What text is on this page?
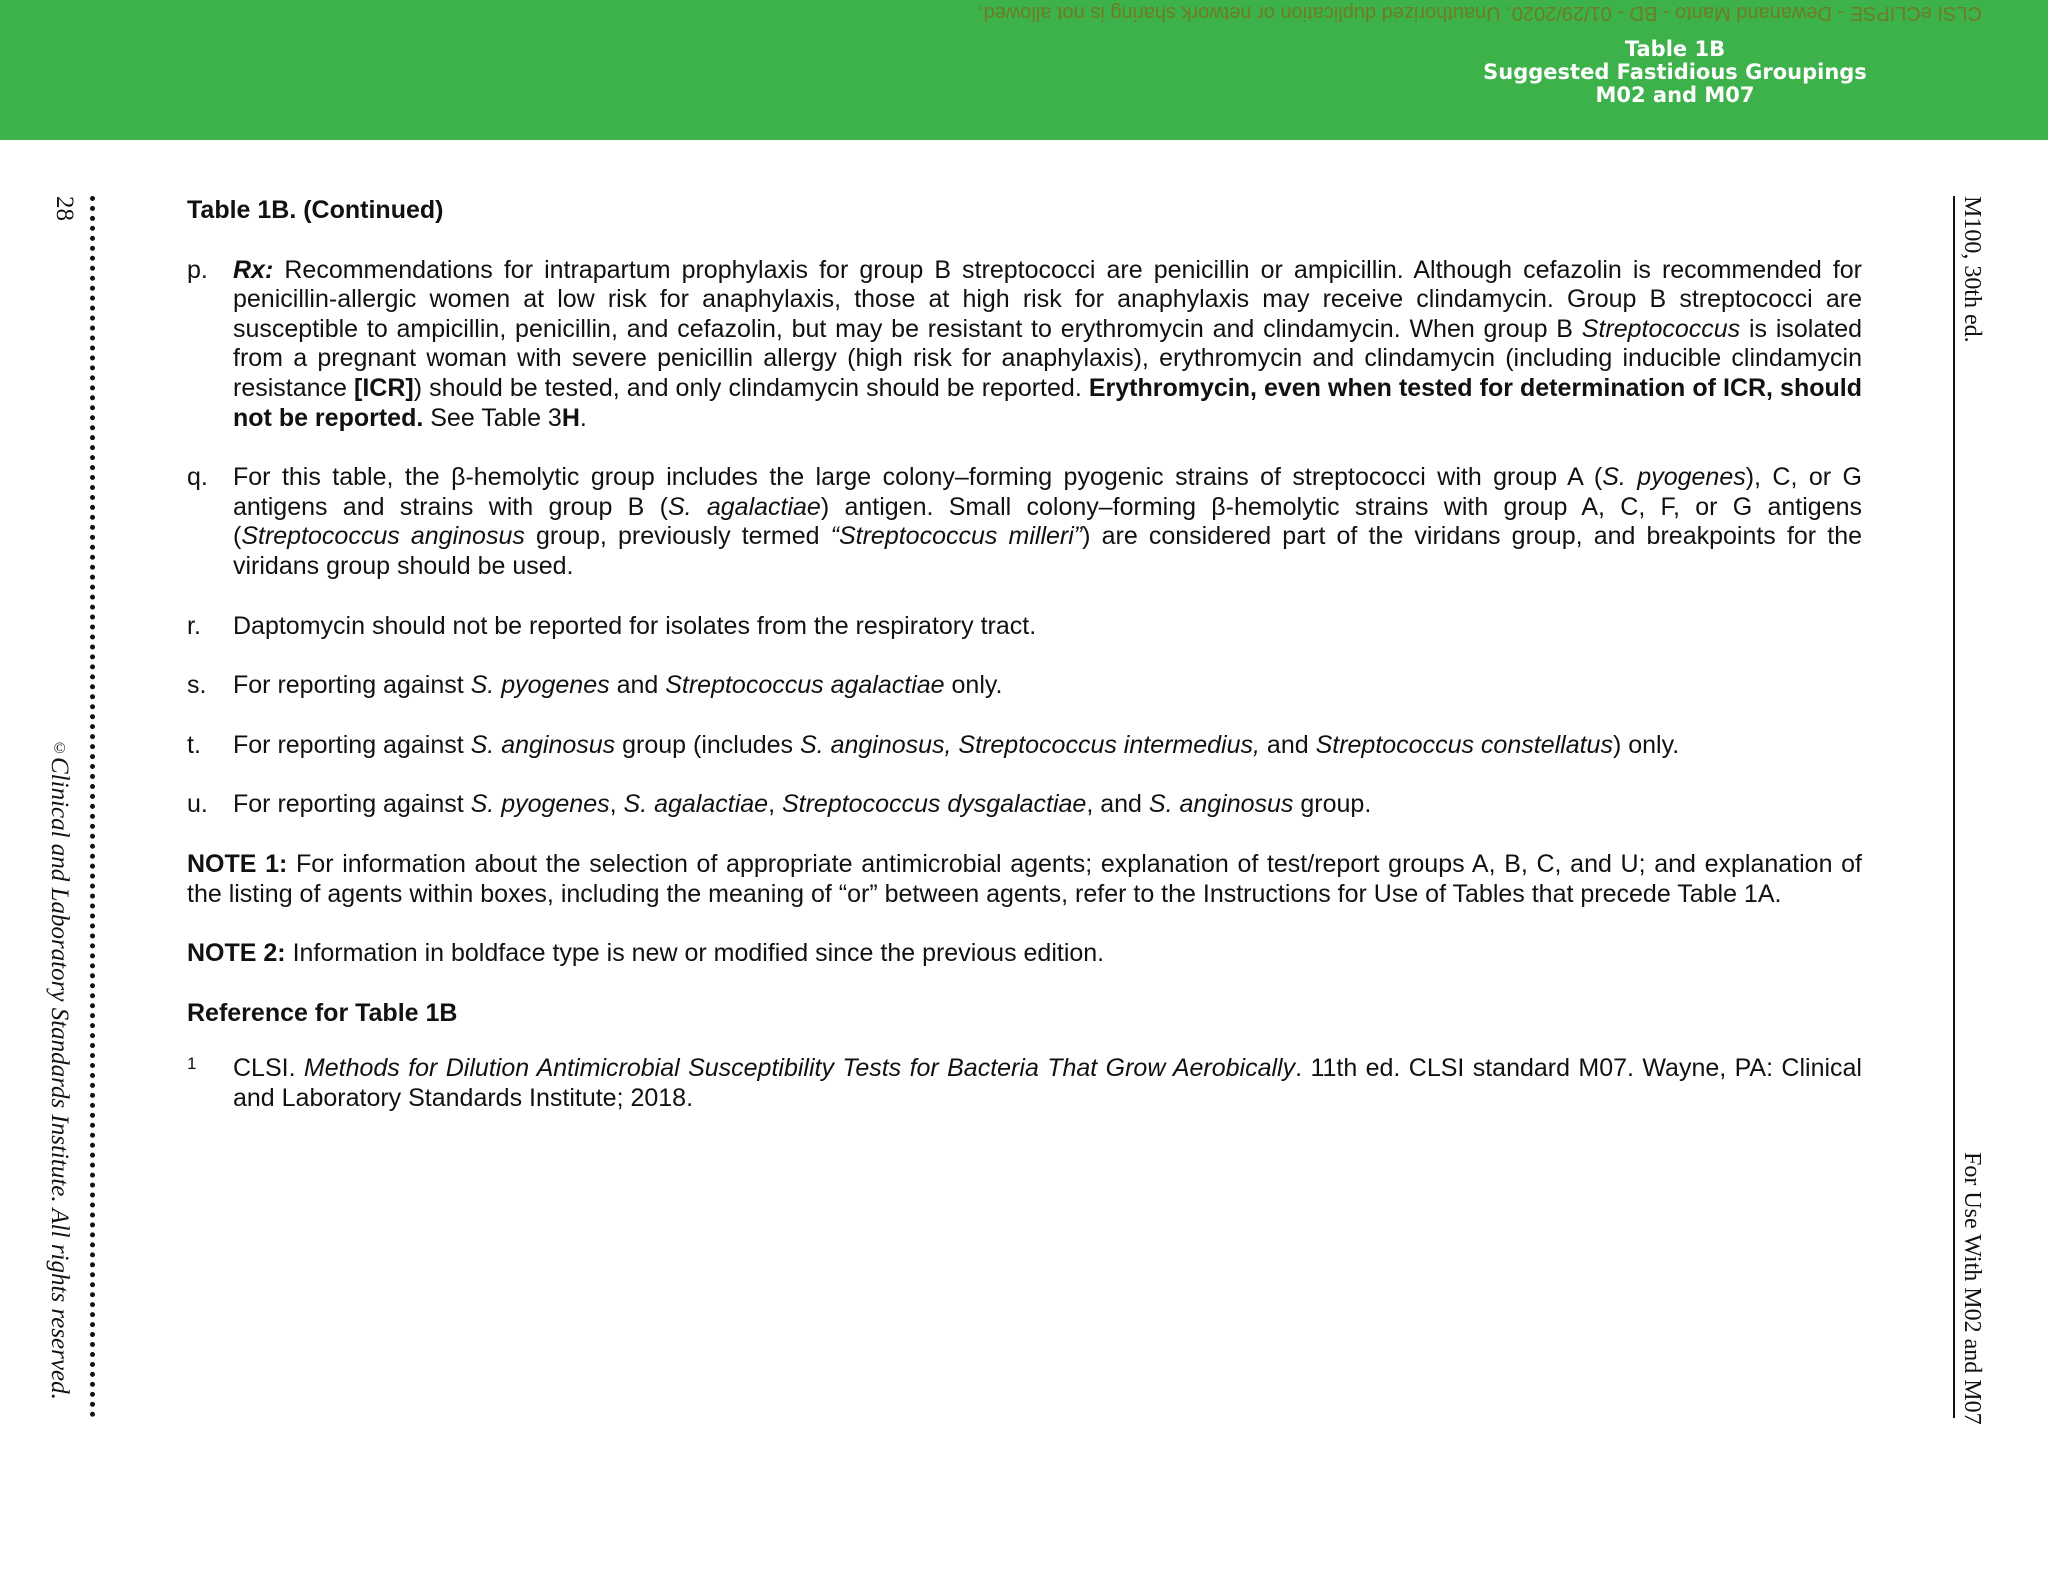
CLSI eCLIPSE - Dewanand Manto - BD - 01/29/2020. Unauthorized duplication or network sharing is not allowed.
Table 1B
Suggested Fastidious Groupings
M02 and M07
28
©Clinical and Laboratory Standards Institute. All rights reserved.
M100, 30th ed.
For Use With M02 and M07
Table 1B. (Continued)
p.	Rx: Recommendations for intrapartum prophylaxis for group B streptococci are penicillin or ampicillin. Although cefazolin is recommended for penicillin-allergic women at low risk for anaphylaxis, those at high risk for anaphylaxis may receive clindamycin. Group B streptococci are susceptible to ampicillin, penicillin, and cefazolin, but may be resistant to erythromycin and clindamycin. When group B Streptococcus is isolated from a pregnant woman with severe penicillin allergy (high risk for anaphylaxis), erythromycin and clindamycin (including inducible clindamycin resistance [ICR]) should be tested, and only clindamycin should be reported. Erythromycin, even when tested for determination of ICR, should not be reported. See Table 3H.
q.	For this table, the β-hemolytic group includes the large colony–forming pyogenic strains of streptococci with group A (S. pyogenes), C, or G antigens and strains with group B (S. agalactiae) antigen. Small colony–forming β-hemolytic strains with group A, C, F, or G antigens (Streptococcus anginosus group, previously termed “Streptococcus milleri”) are considered part of the viridans group, and breakpoints for the viridans group should be used.
r.	Daptomycin should not be reported for isolates from the respiratory tract.
s.	For reporting against S. pyogenes and Streptococcus agalactiae only.
t.	For reporting against S. anginosus group (includes S. anginosus, Streptococcus intermedius, and Streptococcus constellatus) only.
u.	For reporting against S. pyogenes, S. agalactiae, Streptococcus dysgalactiae, and S. anginosus group.
NOTE 1: For information about the selection of appropriate antimicrobial agents; explanation of test/report groups A, B, C, and U; and explanation of the listing of agents within boxes, including the meaning of “or” between agents, refer to the Instructions for Use of Tables that precede Table 1A.
NOTE 2: Information in boldface type is new or modified since the previous edition.
Reference for Table 1B
1	CLSI. Methods for Dilution Antimicrobial Susceptibility Tests for Bacteria That Grow Aerobically. 11th ed. CLSI standard M07. Wayne, PA: Clinical and Laboratory Standards Institute; 2018.
